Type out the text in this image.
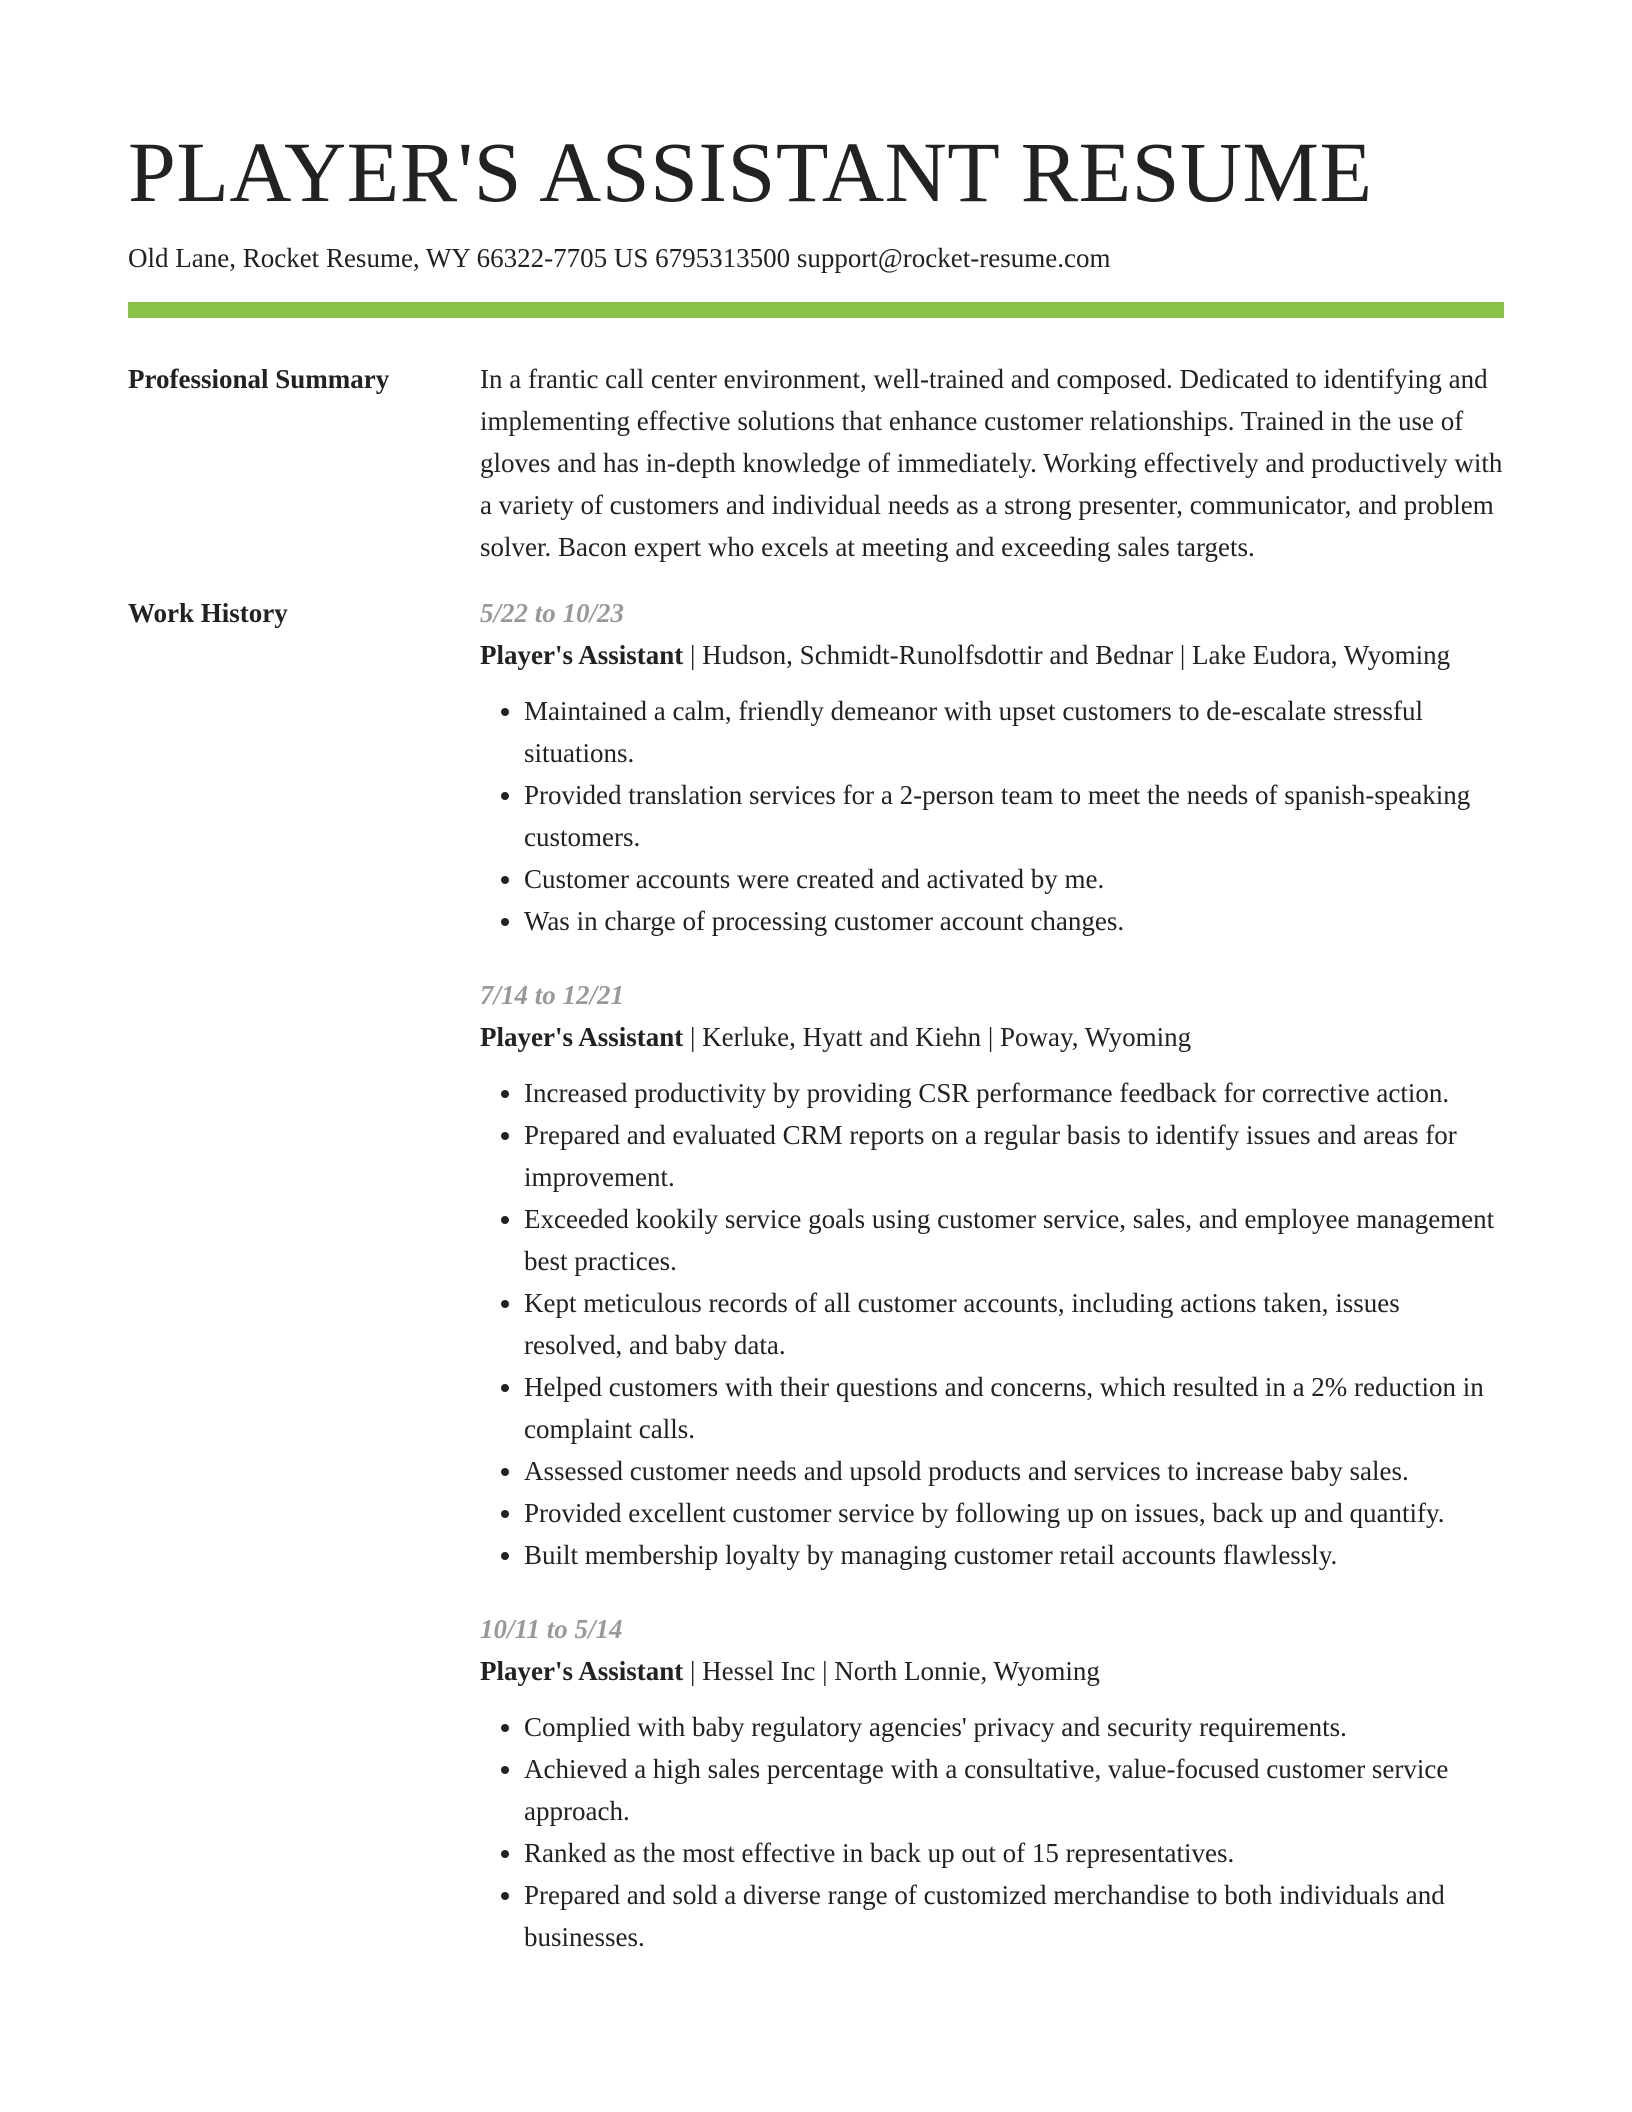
PLAYER'S ASSISTANT RESUME
Old Lane, Rocket Resume, WY 66322-7705 US 6795313500 support@rocket-resume.com
Professional Summary	In a frantic call center environment, well-trained and composed. Dedicated to identifying and implementing effective solutions that enhance customer relationships. Trained in the use of gloves and has in-depth knowledge of immediately. Working effectively and productively with a variety of customers and individual needs as a strong presenter, communicator, and problem solver. Bacon expert who excels at meeting and exceeding sales targets.

Work History	5/22 to 10/23
Player's Assistant | Hudson, Schmidt-Runolfsdottir and Bednar | Lake Eudora, Wyoming
• Maintained a calm, friendly demeanor with upset customers to de-escalate stressful situations.
• Provided translation services for a 2-person team to meet the needs of spanish-speaking customers.
• Customer accounts were created and activated by me.
• Was in charge of processing customer account changes.
7/14 to 12/21
Player's Assistant | Kerluke, Hyatt and Kiehn | Poway, Wyoming
• Increased productivity by providing CSR performance feedback for corrective action.
• Prepared and evaluated CRM reports on a regular basis to identify issues and areas for improvement.
• Exceeded kookily service goals using customer service, sales, and employee management best practices.
• Kept meticulous records of all customer accounts, including actions taken, issues resolved, and baby data.
• Helped customers with their questions and concerns, which resulted in a 2% reduction in complaint calls.
• Assessed customer needs and upsold products and services to increase baby sales.
• Provided excellent customer service by following up on issues, back up and quantify.
• Built membership loyalty by managing customer retail accounts flawlessly.
10/11 to 5/14
Player's Assistant | Hessel Inc | North Lonnie, Wyoming
• Complied with baby regulatory agencies' privacy and security requirements.
• Achieved a high sales percentage with a consultative, value-focused customer service approach.
• Ranked as the most effective in back up out of 15 representatives.
• Prepared and sold a diverse range of customized merchandise to both individuals and businesses.
